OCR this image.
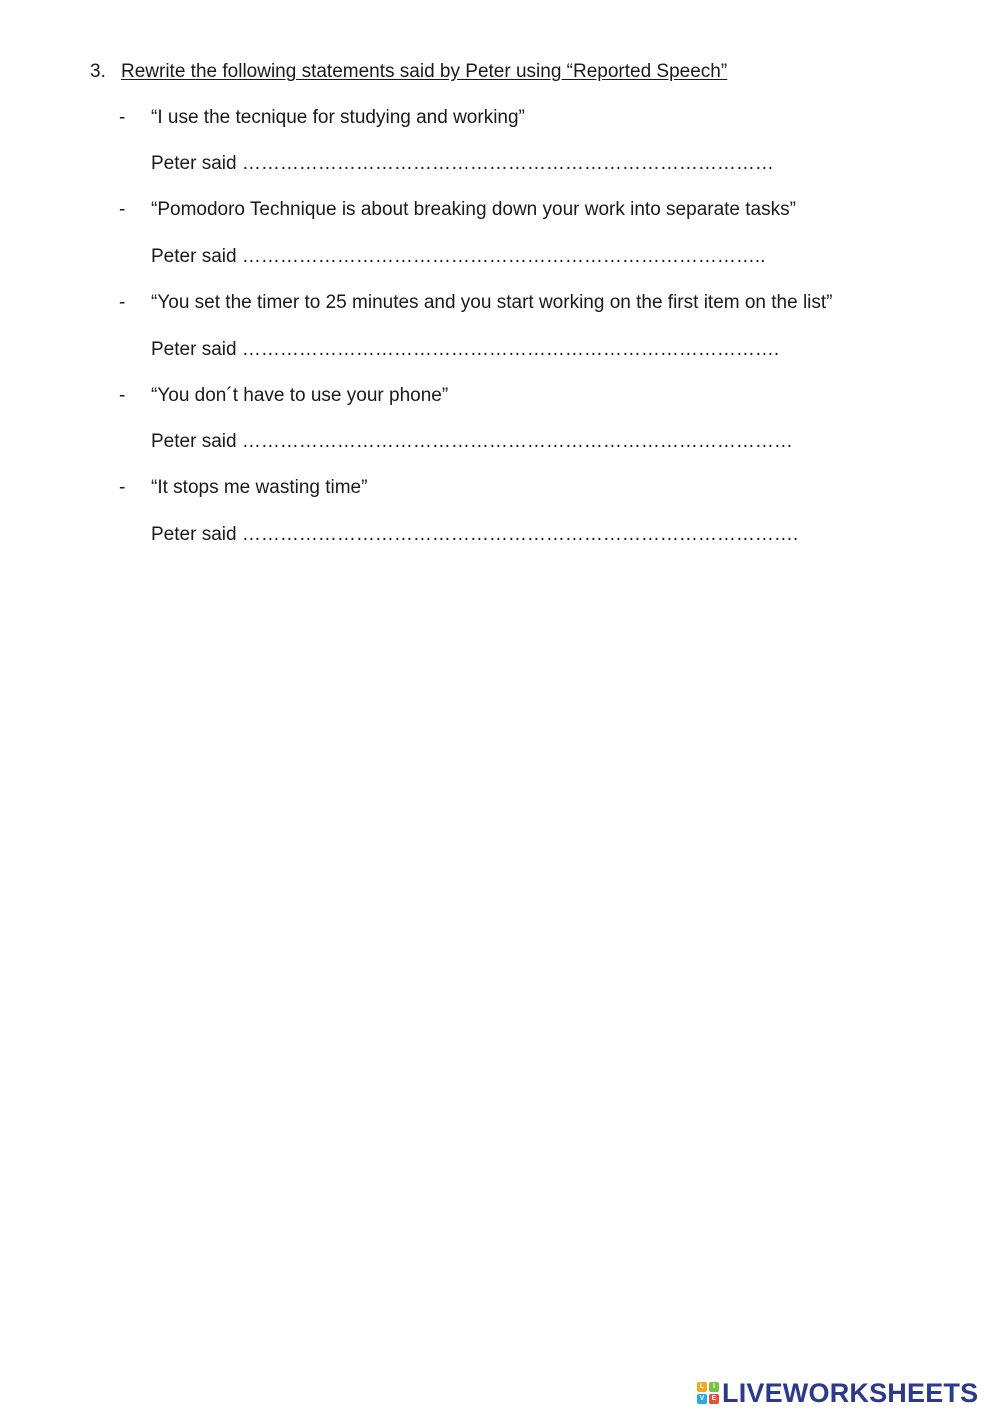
3. Rewrite the following statements said by Peter using “Reported Speech”
- “I use the tecnique for studying and working”
Peter said …………………………………………………………………………
- “Pomodoro Technique is about breaking down your work into separate tasks”
Peter said ………………………………………………………………………..
- “You set the timer to 25 minutes and you start working on the first item on the list”
Peter said ………………………………………………………………………….
- “You don´t have to use your phone”
Peter said ……………………………………………………………………………
- “It stops me wasting time”
Peter said …………………………………………………………………………….
L	I
V	E LIVEWORKSHEETS
